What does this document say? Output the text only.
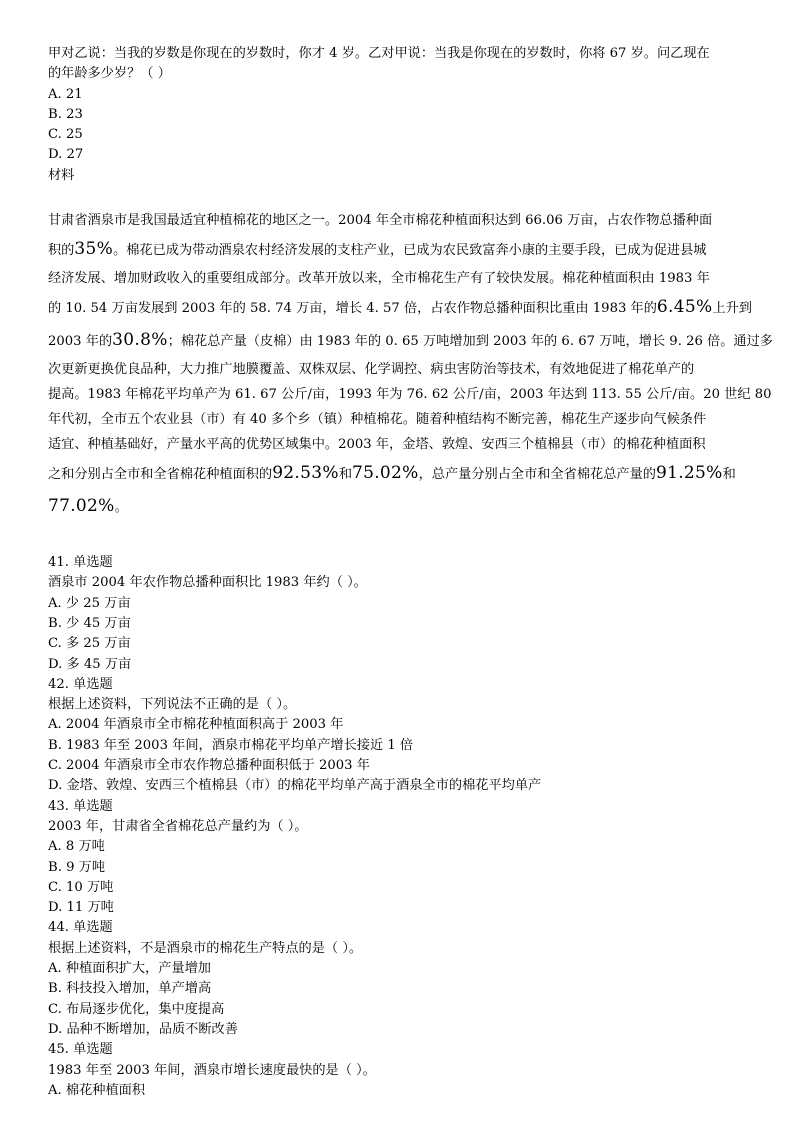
甲对乙说：当我的岁数是你现在的岁数时，你才 4 岁。乙对甲说：当我是你现在的岁数时，你将 67 岁。问乙现在
的年龄多少岁？（ ）
A. 21
B. 23
C. 25
D. 27
材料
甘肃省酒泉市是我国最适宜种植棉花的地区之一。2004 年全市棉花种植面积达到 66.06 万亩，占农作物总播种面
积的35%。棉花已成为带动酒泉农村经济发展的支柱产业，已成为农民致富奔小康的主要手段，已成为促进县城
经济发展、增加财政收入的重要组成部分。改革开放以来，全市棉花生产有了较快发展。棉花种植面积由 1983 年
的 10. 54 万亩发展到 2003 年的 58. 74 万亩，增长 4. 57 倍，占农作物总播种面积比重由 1983 年的6.45%上升到
2003 年的30.8%；棉花总产量（皮棉）由 1983 年的 0. 65 万吨增加到 2003 年的 6. 67 万吨，增长 9. 26 倍。通过多
次更新更换优良品种，大力推广地膜覆盖、双株双层、化学调控、病虫害防治等技术，有效地促进了棉花单产的
提高。1983 年棉花平均单产为 61. 67 公斤/亩，1993 年为 76. 62 公斤/亩，2003 年达到 113. 55 公斤/亩。20 世纪 80
年代初，全市五个农业县（市）有 40 多个乡（镇）种植棉花。随着种植结构不断完善，棉花生产逐步向气候条件
适宜、种植基础好，产量水平高的优势区域集中。2003 年，金塔、敦煌、安西三个植棉县（市）的棉花种植面积
之和分别占全市和全省棉花种植面积的92.53%和75.02%，总产量分别占全市和全省棉花总产量的91.25%和
77.02%。
41. 单选题
酒泉市 2004 年农作物总播种面积比 1983 年约（ ）。
A. 少 25 万亩
B. 少 45 万亩
C. 多 25 万亩
D. 多 45 万亩
42. 单选题
根据上述资料，下列说法不正确的是（ ）。
A. 2004 年酒泉市全市棉花种植面积高于 2003 年
B. 1983 年至 2003 年间，酒泉市棉花平均单产增长接近 1 倍
C. 2004 年酒泉市全市农作物总播种面积低于 2003 年
D. 金塔、敦煌、安西三个植棉县（市）的棉花平均单产高于酒泉全市的棉花平均单产
43. 单选题
2003 年，甘肃省全省棉花总产量约为（ ）。
A. 8 万吨
B. 9 万吨
C. 10 万吨
D. 11 万吨
44. 单选题
根据上述资料，不是酒泉市的棉花生产特点的是（ ）。
A. 种植面积扩大，产量增加
B. 科技投入增加，单产增高
C. 布局逐步优化，集中度提高
D. 品种不断增加，品质不断改善
45. 单选题
1983 年至 2003 年间，酒泉市增长速度最快的是（ ）。
A. 棉花种植面积
